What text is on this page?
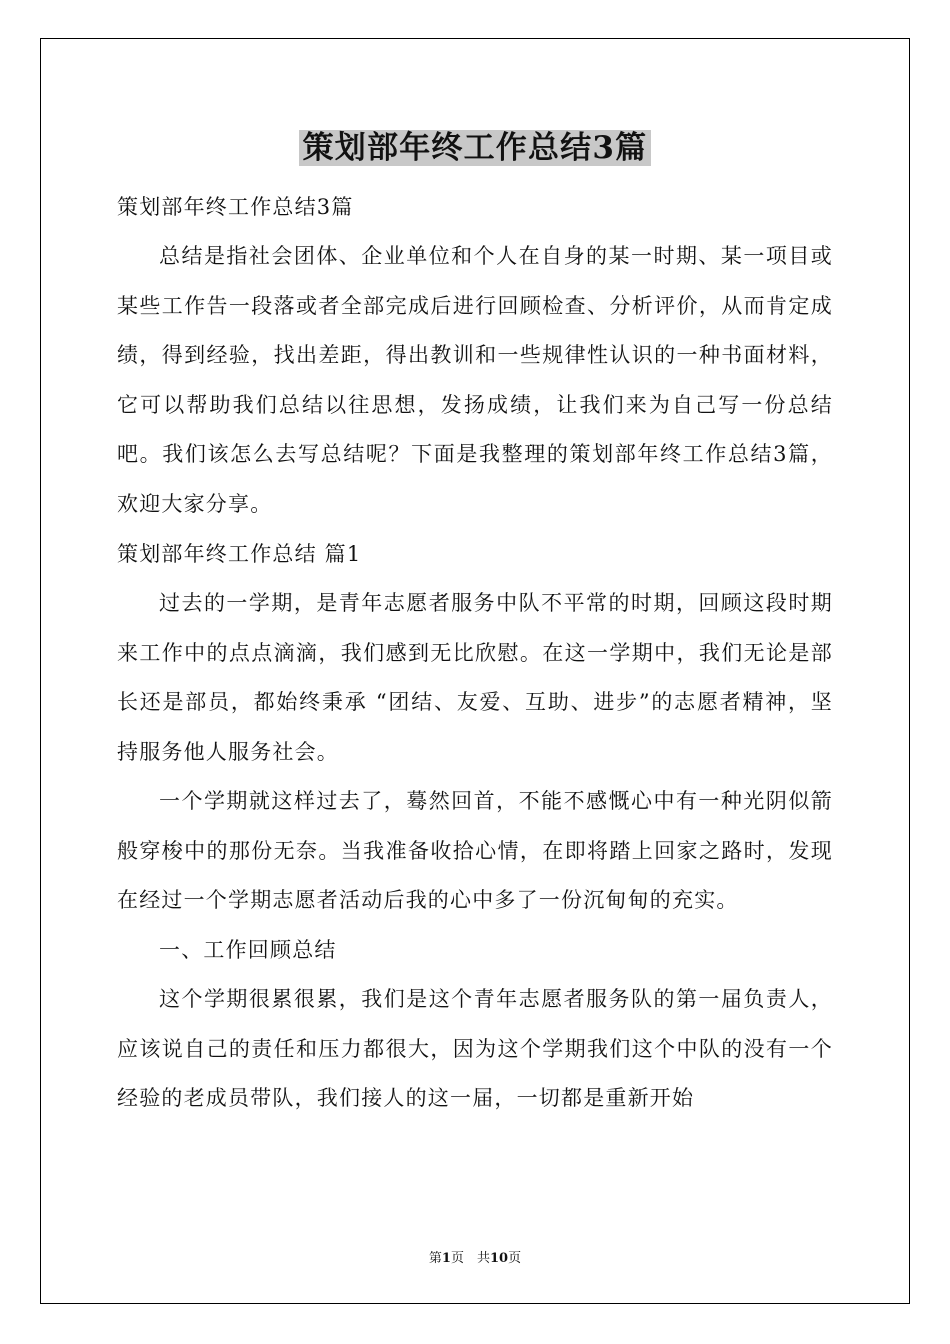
策划部年终工作总结3篇

策划部年终工作总结3篇

总结是指社会团体、企业单位和个人在自身的某一时期、某一项目或某些工作告一段落或者全部完成后进行回顾检查、分析评价，从而肯定成绩，得到经验，找出差距，得出教训和一些规律性认识的一种书面材料，它可以帮助我们总结以往思想，发扬成绩，让我们来为自己写一份总结吧。我们该怎么去写总结呢？下面是我整理的策划部年终工作总结3篇，欢迎大家分享。

策划部年终工作总结 篇1

过去的一学期，是青年志愿者服务中队不平常的时期，回顾这段时期来工作中的点点滴滴，我们感到无比欣慰。在这一学期中，我们无论是部长还是部员，都始终秉承 “团结、友爱、互助、进步”的志愿者精神，坚持服务他人服务社会。

一个学期就这样过去了，蓦然回首，不能不感慨心中有一种光阴似箭般穿梭中的那份无奈。当我准备收拾心情，在即将踏上回家之路时，发现在经过一个学期志愿者活动后我的心中多了一份沉甸甸的充实。

一、工作回顾总结

这个学期很累很累，我们是这个青年志愿者服务队的第一届负责人，应该说自己的责任和压力都很大，因为这个学期我们这个中队的没有一个经验的老成员带队，我们接人的这一届，一切都是重新开始

第1页　共10页
